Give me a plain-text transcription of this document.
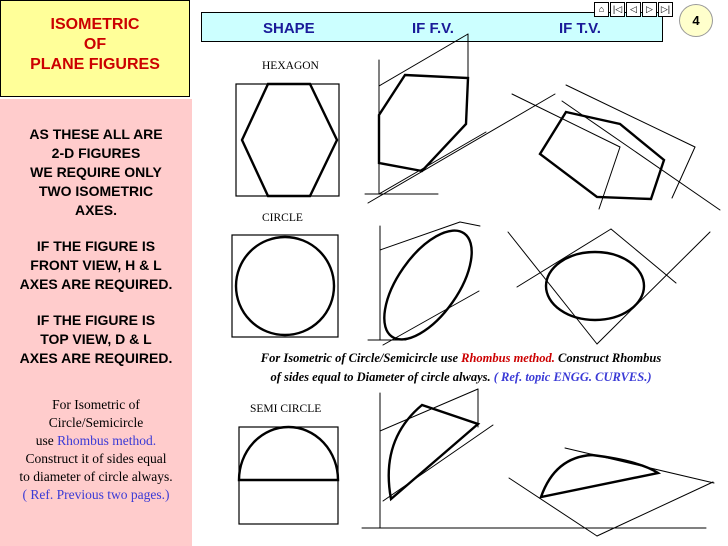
ISOMETRIC
OF
PLANE FIGURES
AS THESE ALL ARE
2-D FIGURES
WE REQUIRE ONLY
TWO ISOMETRIC
AXES.
IF THE FIGURE IS
FRONT VIEW, H & L
AXES ARE REQUIRED.
IF THE FIGURE IS
TOP VIEW, D & L
AXES ARE REQUIRED.
For Isometric of
Circle/Semicircle
use Rhombus method.
Construct it of sides equal
to diameter of circle always.
( Ref. Previous two pages.)
SHAPE	IF F.V.	IF T.V.
⌂ |◁ ◁	▷ ▷|
4
HEXAGON
CIRCLE
SEMI CIRCLE
For Isometric of Circle/Semicircle use Rhombus method. Construct Rhombus
of sides equal to Diameter of circle always. ( Ref. topic ENGG. CURVES.)
